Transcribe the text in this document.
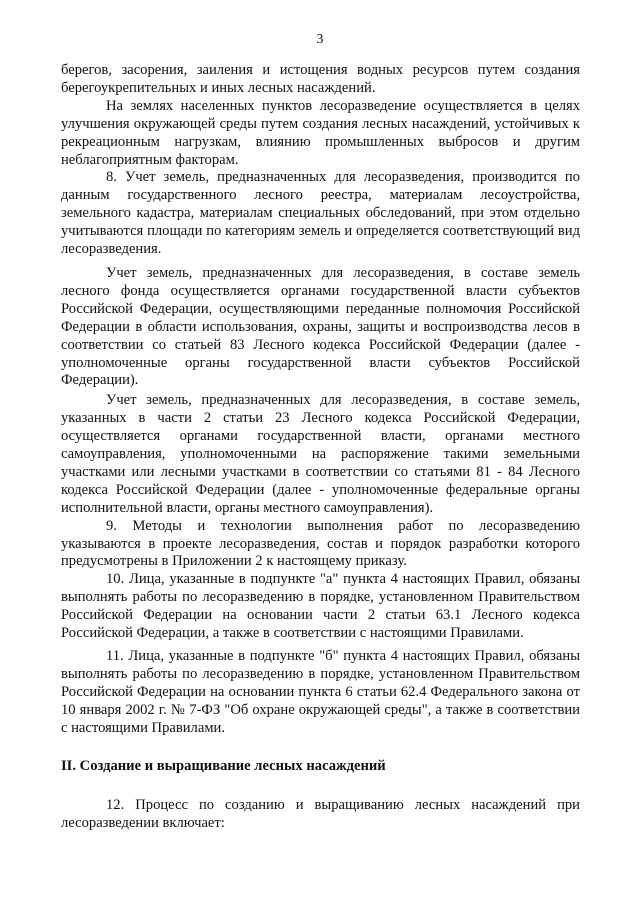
3

берегов, засорения, заиления и истощения водных ресурсов путем создания берегоукрепительных и иных лесных насаждений.

На землях населенных пунктов лесоразведение осуществляется в целях улучшения окружающей среды путем создания лесных насаждений, устойчивых к рекреационным нагрузкам, влиянию промышленных выбросов и другим неблагоприятным факторам.

8. Учет земель, предназначенных для лесоразведения, производится по данным государственного лесного реестра, материалам лесоустройства, земельного кадастра, материалам специальных обследований, при этом отдельно учитываются площади по категориям земель и определяется соответствующий вид лесоразведения.

Учет земель, предназначенных для лесоразведения, в составе земель лесного фонда осуществляется органами государственной власти субъектов Российской Федерации, осуществляющими переданные полномочия Российской Федерации в области использования, охраны, защиты и воспроизводства лесов в соответствии со статьей 83 Лесного кодекса Российской Федерации (далее - уполномоченные органы государственной власти субъектов Российской Федерации).

Учет земель, предназначенных для лесоразведения, в составе земель, указанных в части 2 статьи 23 Лесного кодекса Российской Федерации, осуществляется органами государственной власти, органами местного самоуправления, уполномоченными на распоряжение такими земельными участками или лесными участками в соответствии со статьями 81 - 84 Лесного кодекса Российской Федерации (далее - уполномоченные федеральные органы исполнительной власти, органы местного самоуправления).

9. Методы и технологии выполнения работ по лесоразведению указываются в проекте лесоразведения, состав и порядок разработки которого предусмотрены в Приложении 2 к настоящему приказу.

10. Лица, указанные в подпункте "а" пункта 4 настоящих Правил, обязаны выполнять работы по лесоразведению в порядке, установленном Правительством Российской Федерации на основании части 2 статьи 63.1 Лесного кодекса Российской Федерации, а также в соответствии с настоящими Правилами.

11. Лица, указанные в подпункте "б" пункта 4 настоящих Правил, обязаны выполнять работы по лесоразведению в порядке, установленном Правительством Российской Федерации на основании пункта 6 статьи 62.4 Федерального закона от 10 января 2002 г. № 7-ФЗ "Об охране окружающей среды", а также в соответствии с настоящими Правилами.

II. Создание и выращивание лесных насаждений

12. Процесс по созданию и выращиванию лесных насаждений при лесоразведении включает:
